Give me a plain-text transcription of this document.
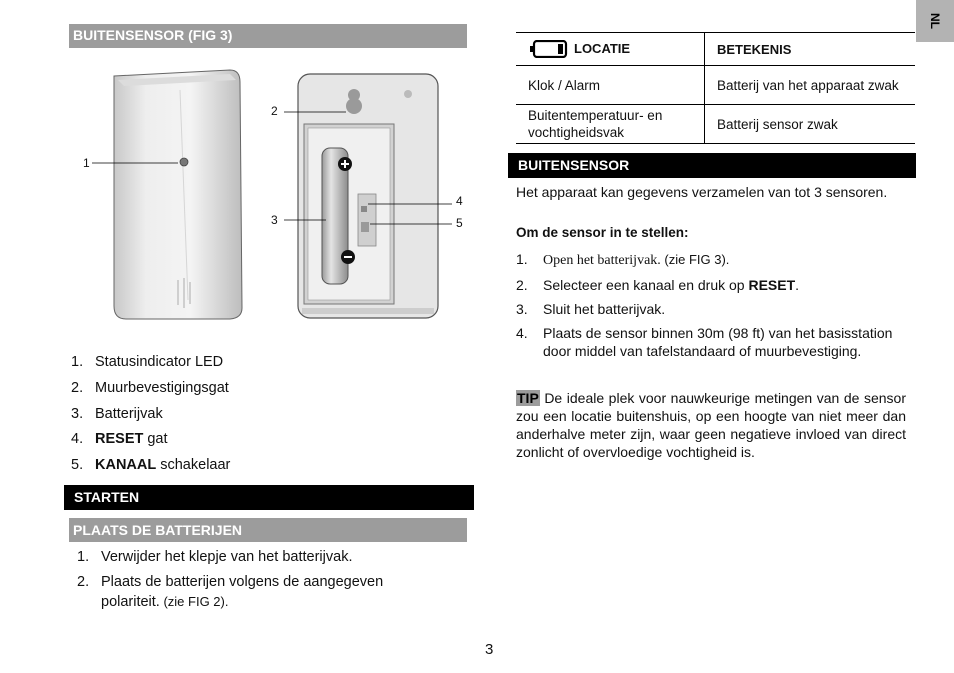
NL
BUITENSENSOR (FIG 3)
1
2
3
4
5
1. Statusindicator LED
2. Muurbevestigingsgat
3. Batterijvak
4. RESET gat
5. KANAAL schakelaar
STARTEN
PLAATS DE BATTERIJEN
1. Verwijder het klepje van het batterijvak.
2. Plaats de batterijen volgens de aangegeven polariteit. (zie FIG 2).
LOCATIE	BETEKENIS
Klok / Alarm	Batterij van het apparaat zwak
Buitentemperatuur- en vochtigheidsvak	Batterij sensor zwak
BUITENSENSOR
Het apparaat kan gegevens verzamelen van tot 3 sensoren.
Om de sensor in te stellen:
1. Open het batterijvak. (zie FIG 3).
2. Selecteer een kanaal en druk op RESET.
3. Sluit het batterijvak.
4. Plaats de sensor binnen 30m (98 ft) van het basisstation door middel van tafelstandaard of muurbevestiging.
TIP De ideale plek voor nauwkeurige metingen van de sensor zou een locatie buitenshuis, op een hoogte van niet meer dan anderhalve meter zijn, waar geen negatieve invloed van direct zonlicht of overvloedige vochtigheid is.
3
